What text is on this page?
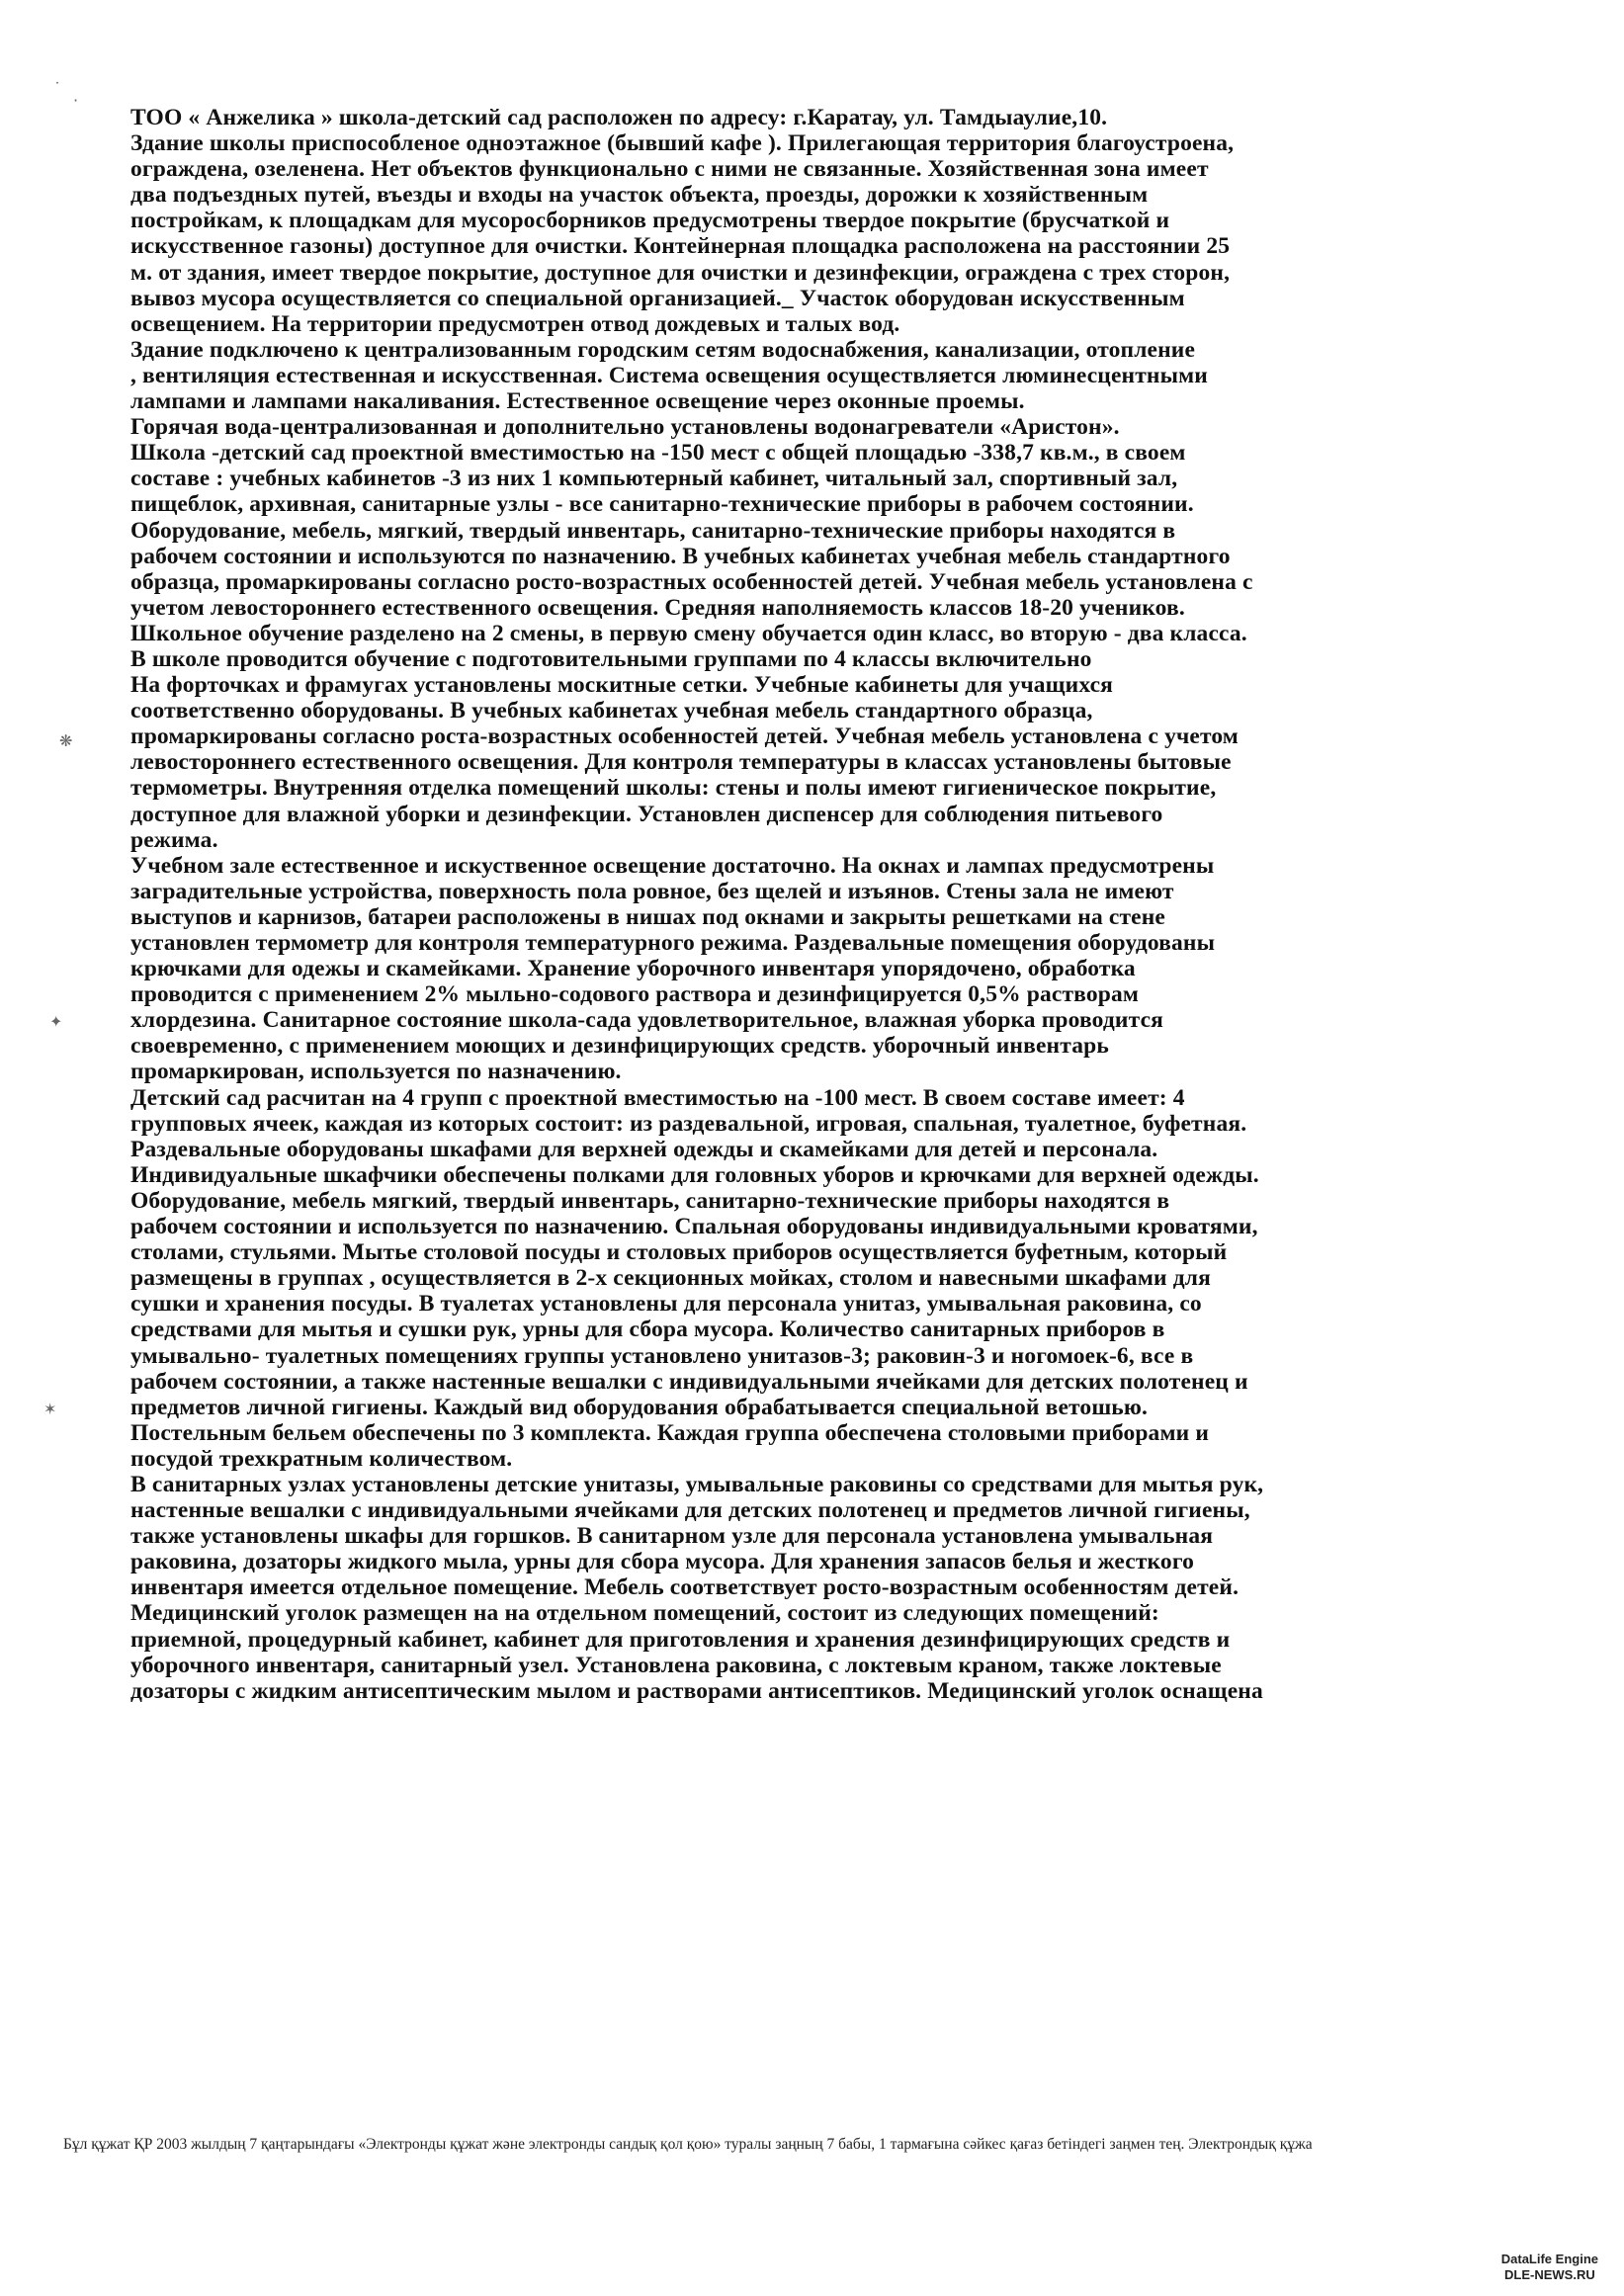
˙
·
❋
✦
✶
ТОО « Анжелика » школа-детский сад расположен по адресу: г.Каратау, ул. Тамдыаулие,10.
Здание школы приспособленое одноэтажное (бывший кафе ). Прилегающая территория благоустроена,
ограждена, озеленена. Нет объектов функционально с ними не связанные. Хозяйственная зона имеет
два подъездных путей, въезды и входы на участок объекта, проезды, дорожки к хозяйственным
постройкам, к площадкам для мусоросборников предусмотрены твердое покрытие (брусчаткой и
искусственное газоны) доступное для очистки. Контейнерная площадка расположена на расстоянии 25
м. от здания, имеет твердое покрытие, доступное для очистки и дезинфекции, ограждена с трех сторон,
вывоз мусора осуществляется со специальной организацией._ Участок оборудован искусственным
освещением. На территории предусмотрен отвод дождевых и талых вод.
Здание подключено к централизованным городским сетям водоснабжения, канализации, отопление
, вентиляция естественная и искусственная. Система освещения осуществляется люминесцентными
лампами и лампами накаливания. Естественное освещение через оконные проемы.
Горячая вода-централизованная и дополнительно установлены водонагреватели «Аристон».
Школа -детский сад проектной вместимостью на -150 мест с общей площадью -338,7 кв.м., в своем
составе : учебных кабинетов -3 из них 1 компьютерный кабинет, читальный зал, спортивный зал,
пищеблок, архивная, санитарные узлы - все санитарно-технические приборы в рабочем состоянии.
Оборудование, мебель, мягкий, твердый инвентарь, санитарно-технические приборы находятся в
рабочем состоянии и используются по назначению. В учебных кабинетах учебная мебель стандартного
образца, промаркированы согласно росто-возрастных особенностей детей. Учебная мебель установлена с
учетом левостороннего естественного освещения. Средняя наполняемость классов 18-20 учеников.
Школьное обучение разделено на 2 смены, в первую смену обучается один класс, во вторую - два класса.
В школе проводится обучение с подготовительными группами по 4 классы включительно
На форточках и фрамугах установлены москитные сетки. Учебные кабинеты для учащихся
соответственно оборудованы. В учебных кабинетах учебная мебель стандартного образца,
промаркированы согласно роста-возрастных особенностей детей. Учебная мебель установлена с учетом
левостороннего естественного освещения. Для контроля температуры в классах установлены бытовые
термометры. Внутренняя отделка помещений школы: стены и полы имеют гигиеническое покрытие,
доступное для влажной уборки и дезинфекции. Установлен диспенсер для соблюдения питьевого
режима.
Учебном зале естественное и искуственное освещение достаточно. На окнах и лампах предусмотрены
заградительные устройства, поверхность пола ровное, без щелей и изъянов. Стены зала не имеют
выступов и карнизов, батареи расположены в нишах под окнами и закрыты решетками на стене
установлен термометр для контроля температурного режима. Раздевальные помещения оборудованы
крючками для одежы и скамейками. Хранение уборочного инвентаря упорядочено, обработка
проводится с применением 2% мыльно-содового раствора и дезинфицируется 0,5% растворам
хлордезина. Санитарное состояние школа-сада удовлетворительное, влажная уборка проводится
своевременно, с применением моющих и дезинфицирующих средств. уборочный инвентарь
промаркирован, используется по назначению.
Детский сад расчитан на 4 групп с проектной вместимостью на -100 мест. В своем составе имеет: 4
групповых ячеек, каждая из которых состоит: из раздевальной, игровая, спальная, туалетное, буфетная.
Раздевальные оборудованы шкафами для верхней одежды и скамейками для детей и персонала.
Индивидуальные шкафчики обеспечены полками для головных уборов и крючками для верхней одежды.
Оборудование, мебель мягкий, твердый инвентарь, санитарно-технические приборы находятся в
рабочем состоянии и используется по назначению. Спальная оборудованы индивидуальными кроватями,
столами, стульями. Мытье столовой посуды и столовых приборов осуществляется буфетным, который
размещены в группах , осуществляется в 2-х секционных мойках, столом и навесными шкафами для
сушки и хранения посуды. В туалетах установлены для персонала унитаз, умывальная раковина, со
средствами для мытья и сушки рук, урны для сбора мусора. Количество санитарных приборов в
умывально- туалетных помещениях группы установлено унитазов-3; раковин-3 и ногомоек-6, все в
рабочем состоянии, а также настенные вешалки с индивидуальными ячейками для детских полотенец и
предметов личной гигиены. Каждый вид оборудования обрабатывается специальной ветошью.
Постельным бельем обеспечены по 3 комплекта. Каждая группа обеспечена столовыми приборами и
посудой трехкратным количеством.
В санитарных узлах установлены детские унитазы, умывальные раковины со средствами для мытья рук,
настенные вешалки с индивидуальными ячейками для детских полотенец и предметов личной гигиены,
также установлены шкафы для горшков. В санитарном узле для персонала установлена умывальная
раковина, дозаторы жидкого мыла, урны для сбора мусора. Для хранения запасов белья и жесткого
инвентаря имеется отдельное помещение. Мебель соответствует росто-возрастным особенностям детей.
Медицинский уголок размещен на на отдельном помещений, состоит из следующих помещений:
приемной, процедурный кабинет, кабинет для приготовления и хранения дезинфицирующих средств и
уборочного инвентаря, санитарный узел. Установлена раковина, с локтевым краном, также локтевые
дозаторы с жидким антисептическим мылом и растворами антисептиков. Медицинский уголок оснащена
Бұл құжат ҚР 2003 жылдың 7 қаңтарындағы «Электронды құжат және электронды сандық қол қою» туралы заңның 7 бабы, 1 тармағына сәйкес қағаз бетіндегі заңмен тең. Электрондық құжа
DataLife Engine
DLE-NEWS.RU
